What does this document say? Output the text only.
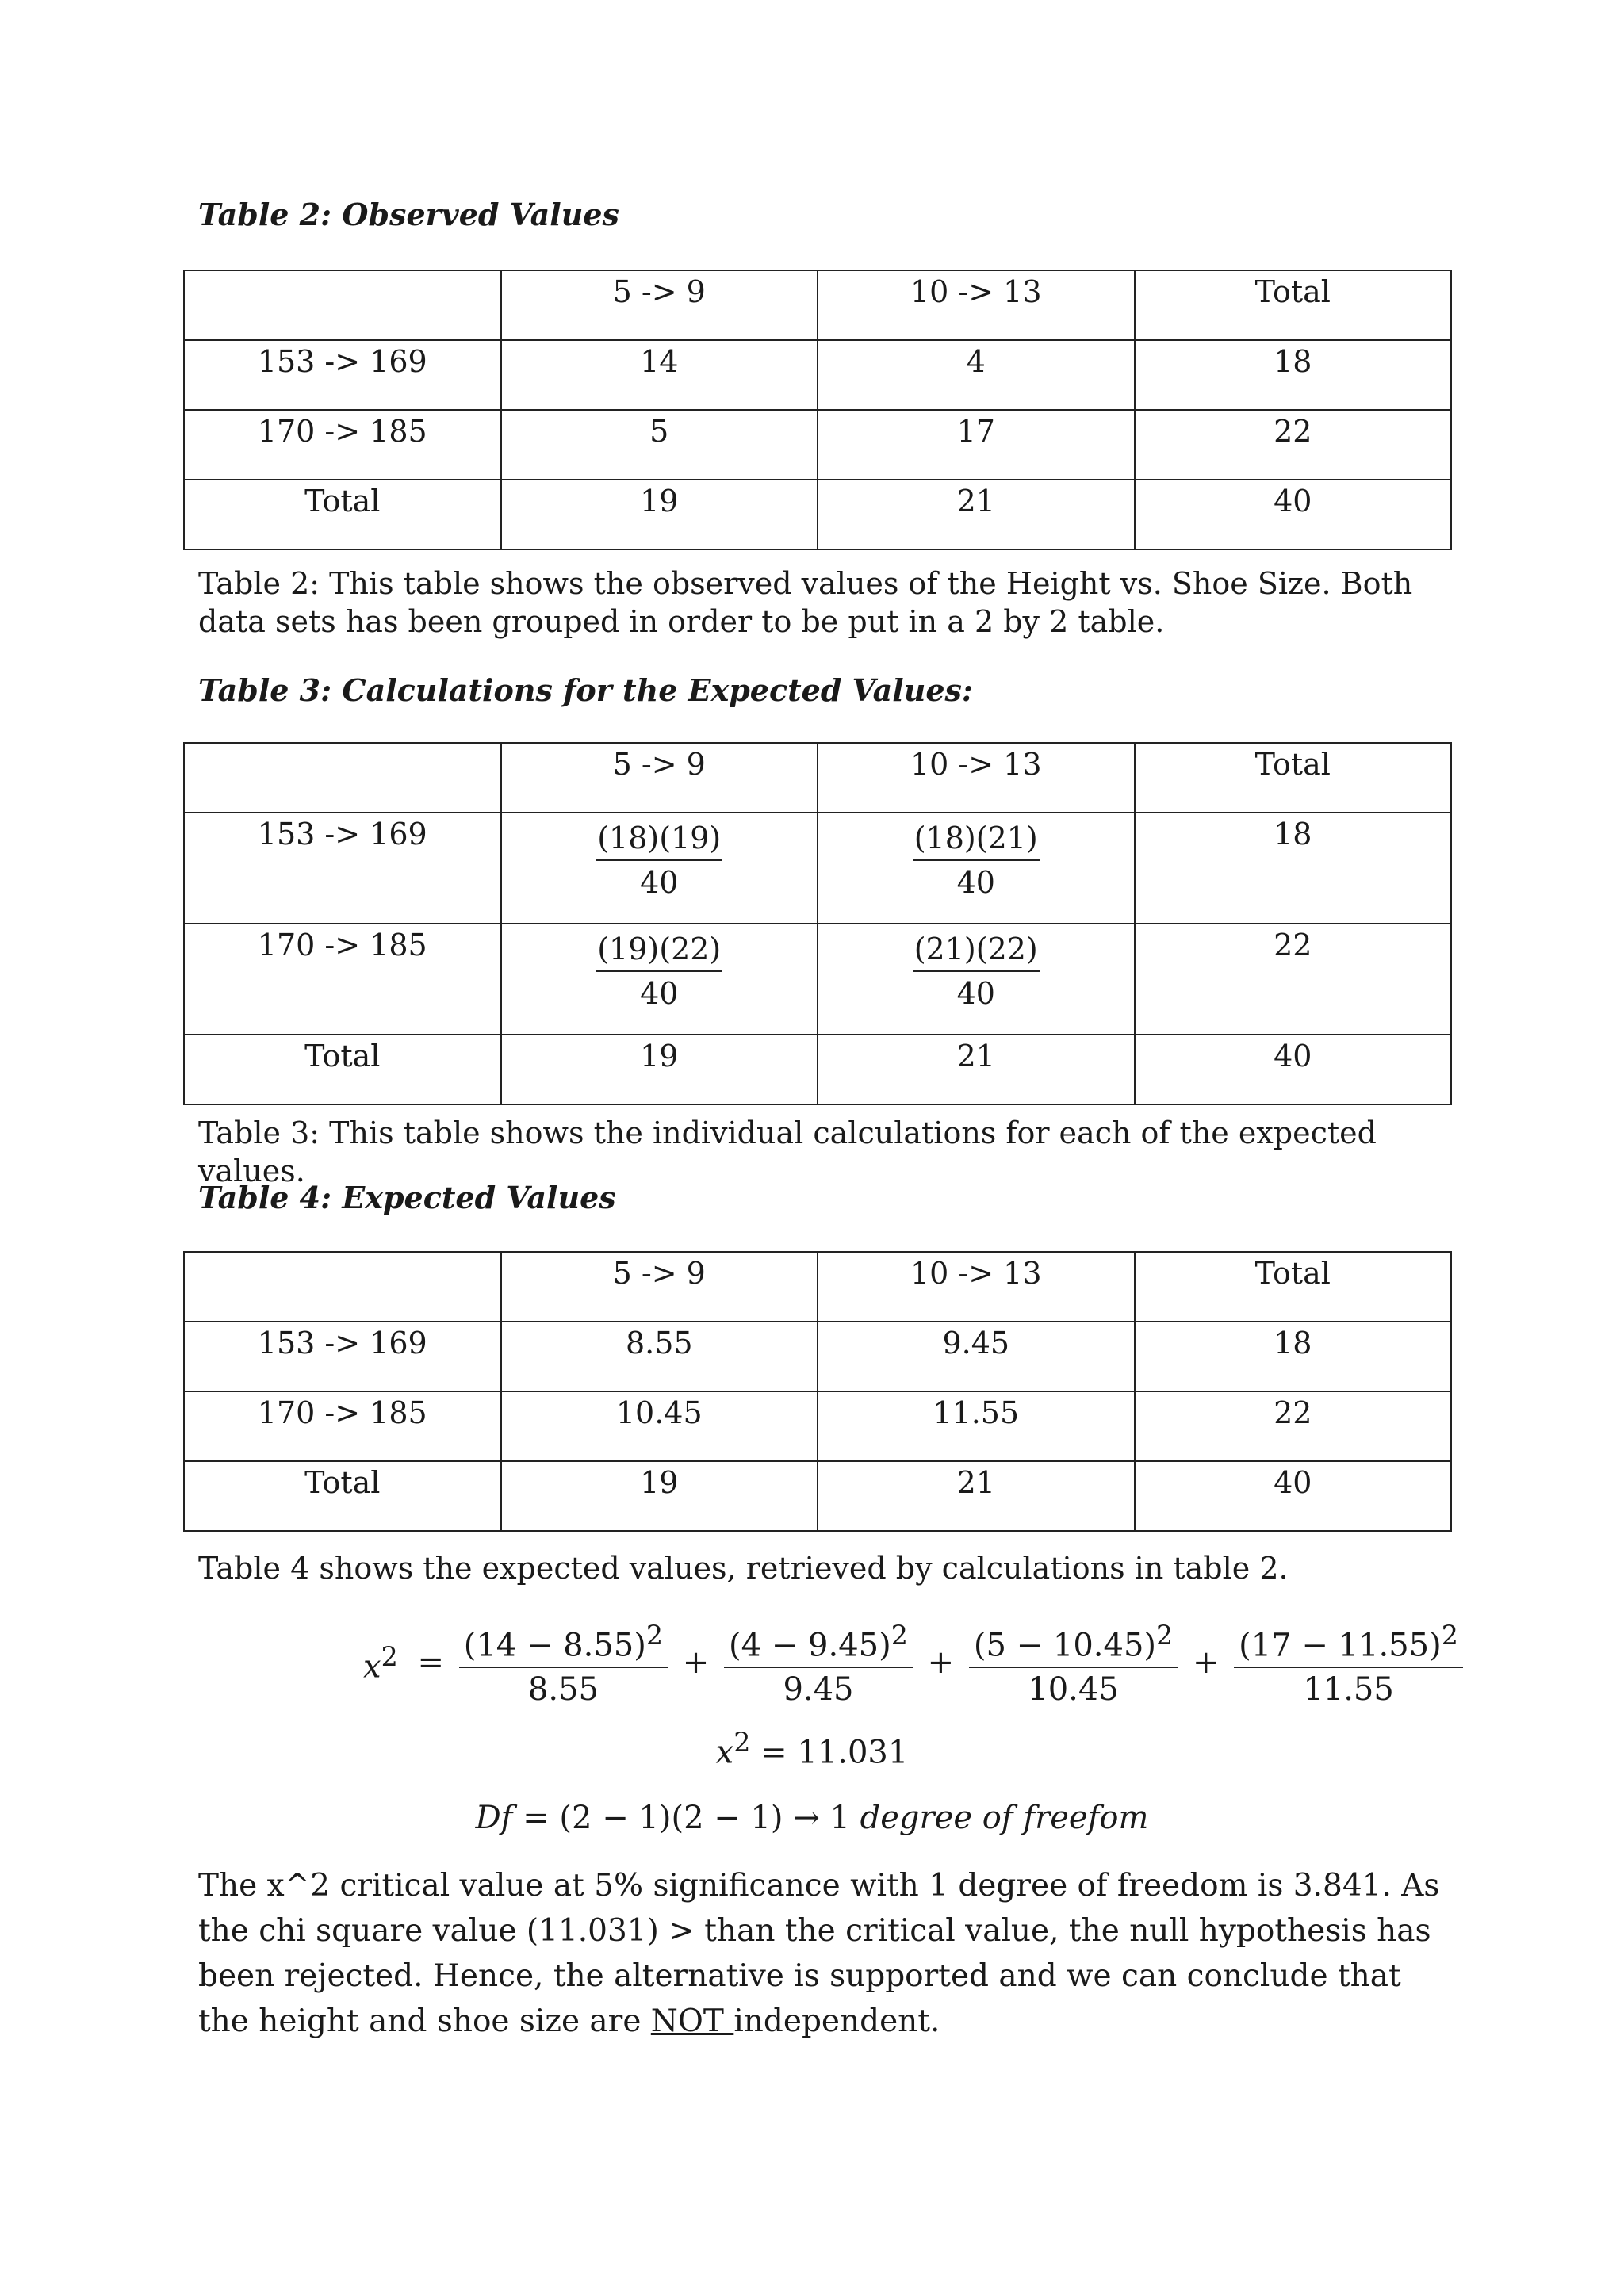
Table 2: Observed Values
	5 -> 9	10 -> 13	Total
153 -> 169	14	4	18
170 -> 185	5	17	22
Total	19	21	40
Table 2: This table shows the observed values of the Height vs. Shoe Size. Both data sets has been grouped in order to be put in a 2 by 2 table.
Table 3: Calculations for the Expected Values:
	5 -> 9	10 -> 13	Total
153 -> 169	$\frac{(18)(19)}{40}$	$\frac{(18)(21)}{40}$	18
170 -> 185	$\frac{(19)(22)}{40}$	$\frac{(21)(22)}{40}$	22
Total	19	21	40
Table 3: This table shows the individual calculations for each of the expected values.
Table 4: Expected Values
	5 -> 9	10 -> 13	Total
153 -> 169	8.55	9.45	18
170 -> 185	10.45	11.55	22
Total	19	21	40
Table 4 shows the expected values, retrieved by calculations in table 2.
$x^2 = \frac{(14 - 8.55)^2}{8.55} + \frac{(4 - 9.45)^2}{9.45} + \frac{(5 - 10.45)^2}{10.45} + \frac{(17 - 11.55)^2}{11.55}$
$x^2 = 11.031$
Df = (2 − 1)(2 − 1) → 1 degree of freefom
The x^2 critical value at 5% significance with 1 degree of freedom is 3.841. As the chi square value (11.031) > than the critical value, the null hypothesis has been rejected. Hence, the alternative is supported and we can conclude that the height and shoe size are NOT independent.
